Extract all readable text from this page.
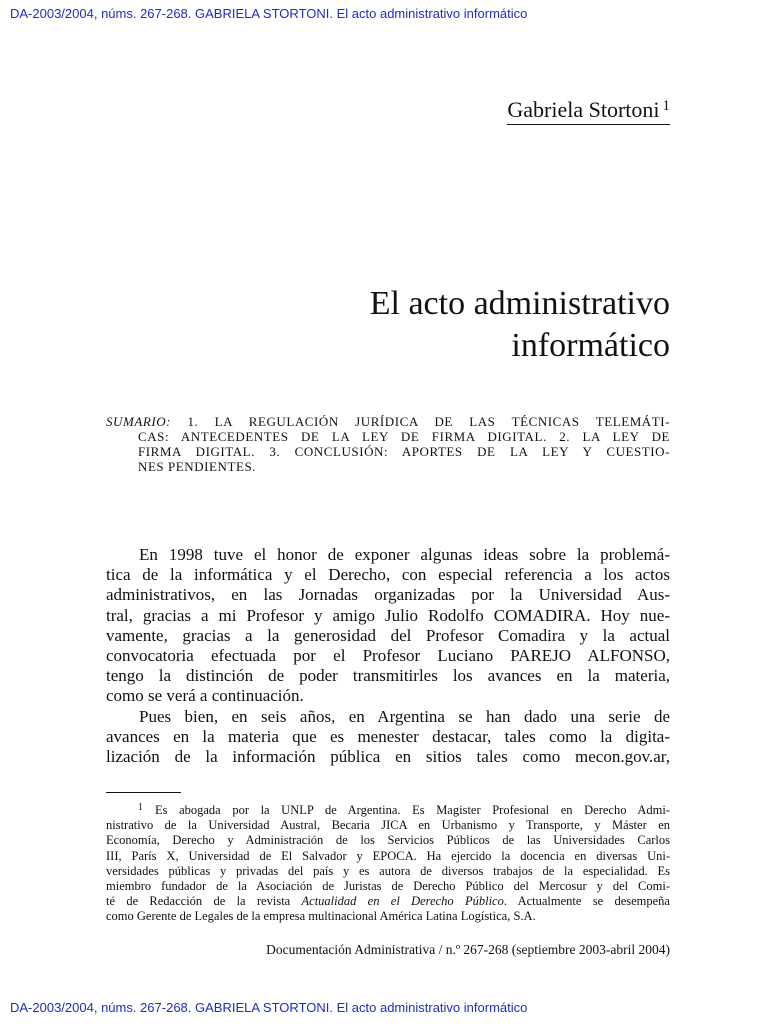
DA-2003/2004, núms. 267-268. GABRIELA STORTONI. El acto administrativo informático
Gabriela Stortoni $^1$
El acto administrativo
informático
SUMARIO: 1. LA REGULACIÓN JURÍDICA DE LAS TÉCNICAS TELEMÁTI-
CAS: ANTECEDENTES DE LA LEY DE FIRMA DIGITAL. 2. LA LEY DE
FIRMA DIGITAL. 3. CONCLUSIÓN: APORTES DE LA LEY Y CUESTIO-
NES PENDIENTES.
En 1998 tuve el honor de exponer algunas ideas sobre la problemá-
tica de la informática y el Derecho, con especial referencia a los actos
administrativos, en las Jornadas organizadas por la Universidad Aus-
tral, gracias a mi Profesor y amigo Julio Rodolfo COMADIRA. Hoy nue-
vamente, gracias a la generosidad del Profesor Comadira y la actual
convocatoria efectuada por el Profesor Luciano PAREJO ALFONSO,
tengo la distinción de poder transmitirles los avances en la materia,
como se verá a continuación.
Pues bien, en seis años, en Argentina se han dado una serie de
avances en la materia que es menester destacar, tales como la digita-
lización de la información pública en sitios tales como mecon.gov.ar,
$^1$ Es abogada por la UNLP de Argentina. Es Magister Profesional en Derecho Admi-
nistrativo de la Universidad Austral, Becaria JICA en Urbanismo y Transporte, y Máster en
Economía, Derecho y Administración de los Servicios Públicos de las Universidades Carlos
III, París X, Universidad de El Salvador y EPOCA. Ha ejercido la docencia en diversas Uni-
versidades públicas y privadas del país y es autora de diversos trabajos de la especialidad. Es
miembro fundador de la Asociación de Juristas de Derecho Público del Mercosur y del Comi-
té de Redacción de la revista Actualidad en el Derecho Público. Actualmente se desempeña
como Gerente de Legales de la empresa multinacional América Latina Logística, S.A.
Documentación Administrativa / n.º 267-268 (septiembre 2003-abril 2004)
DA-2003/2004, núms. 267-268. GABRIELA STORTONI. El acto administrativo informático
